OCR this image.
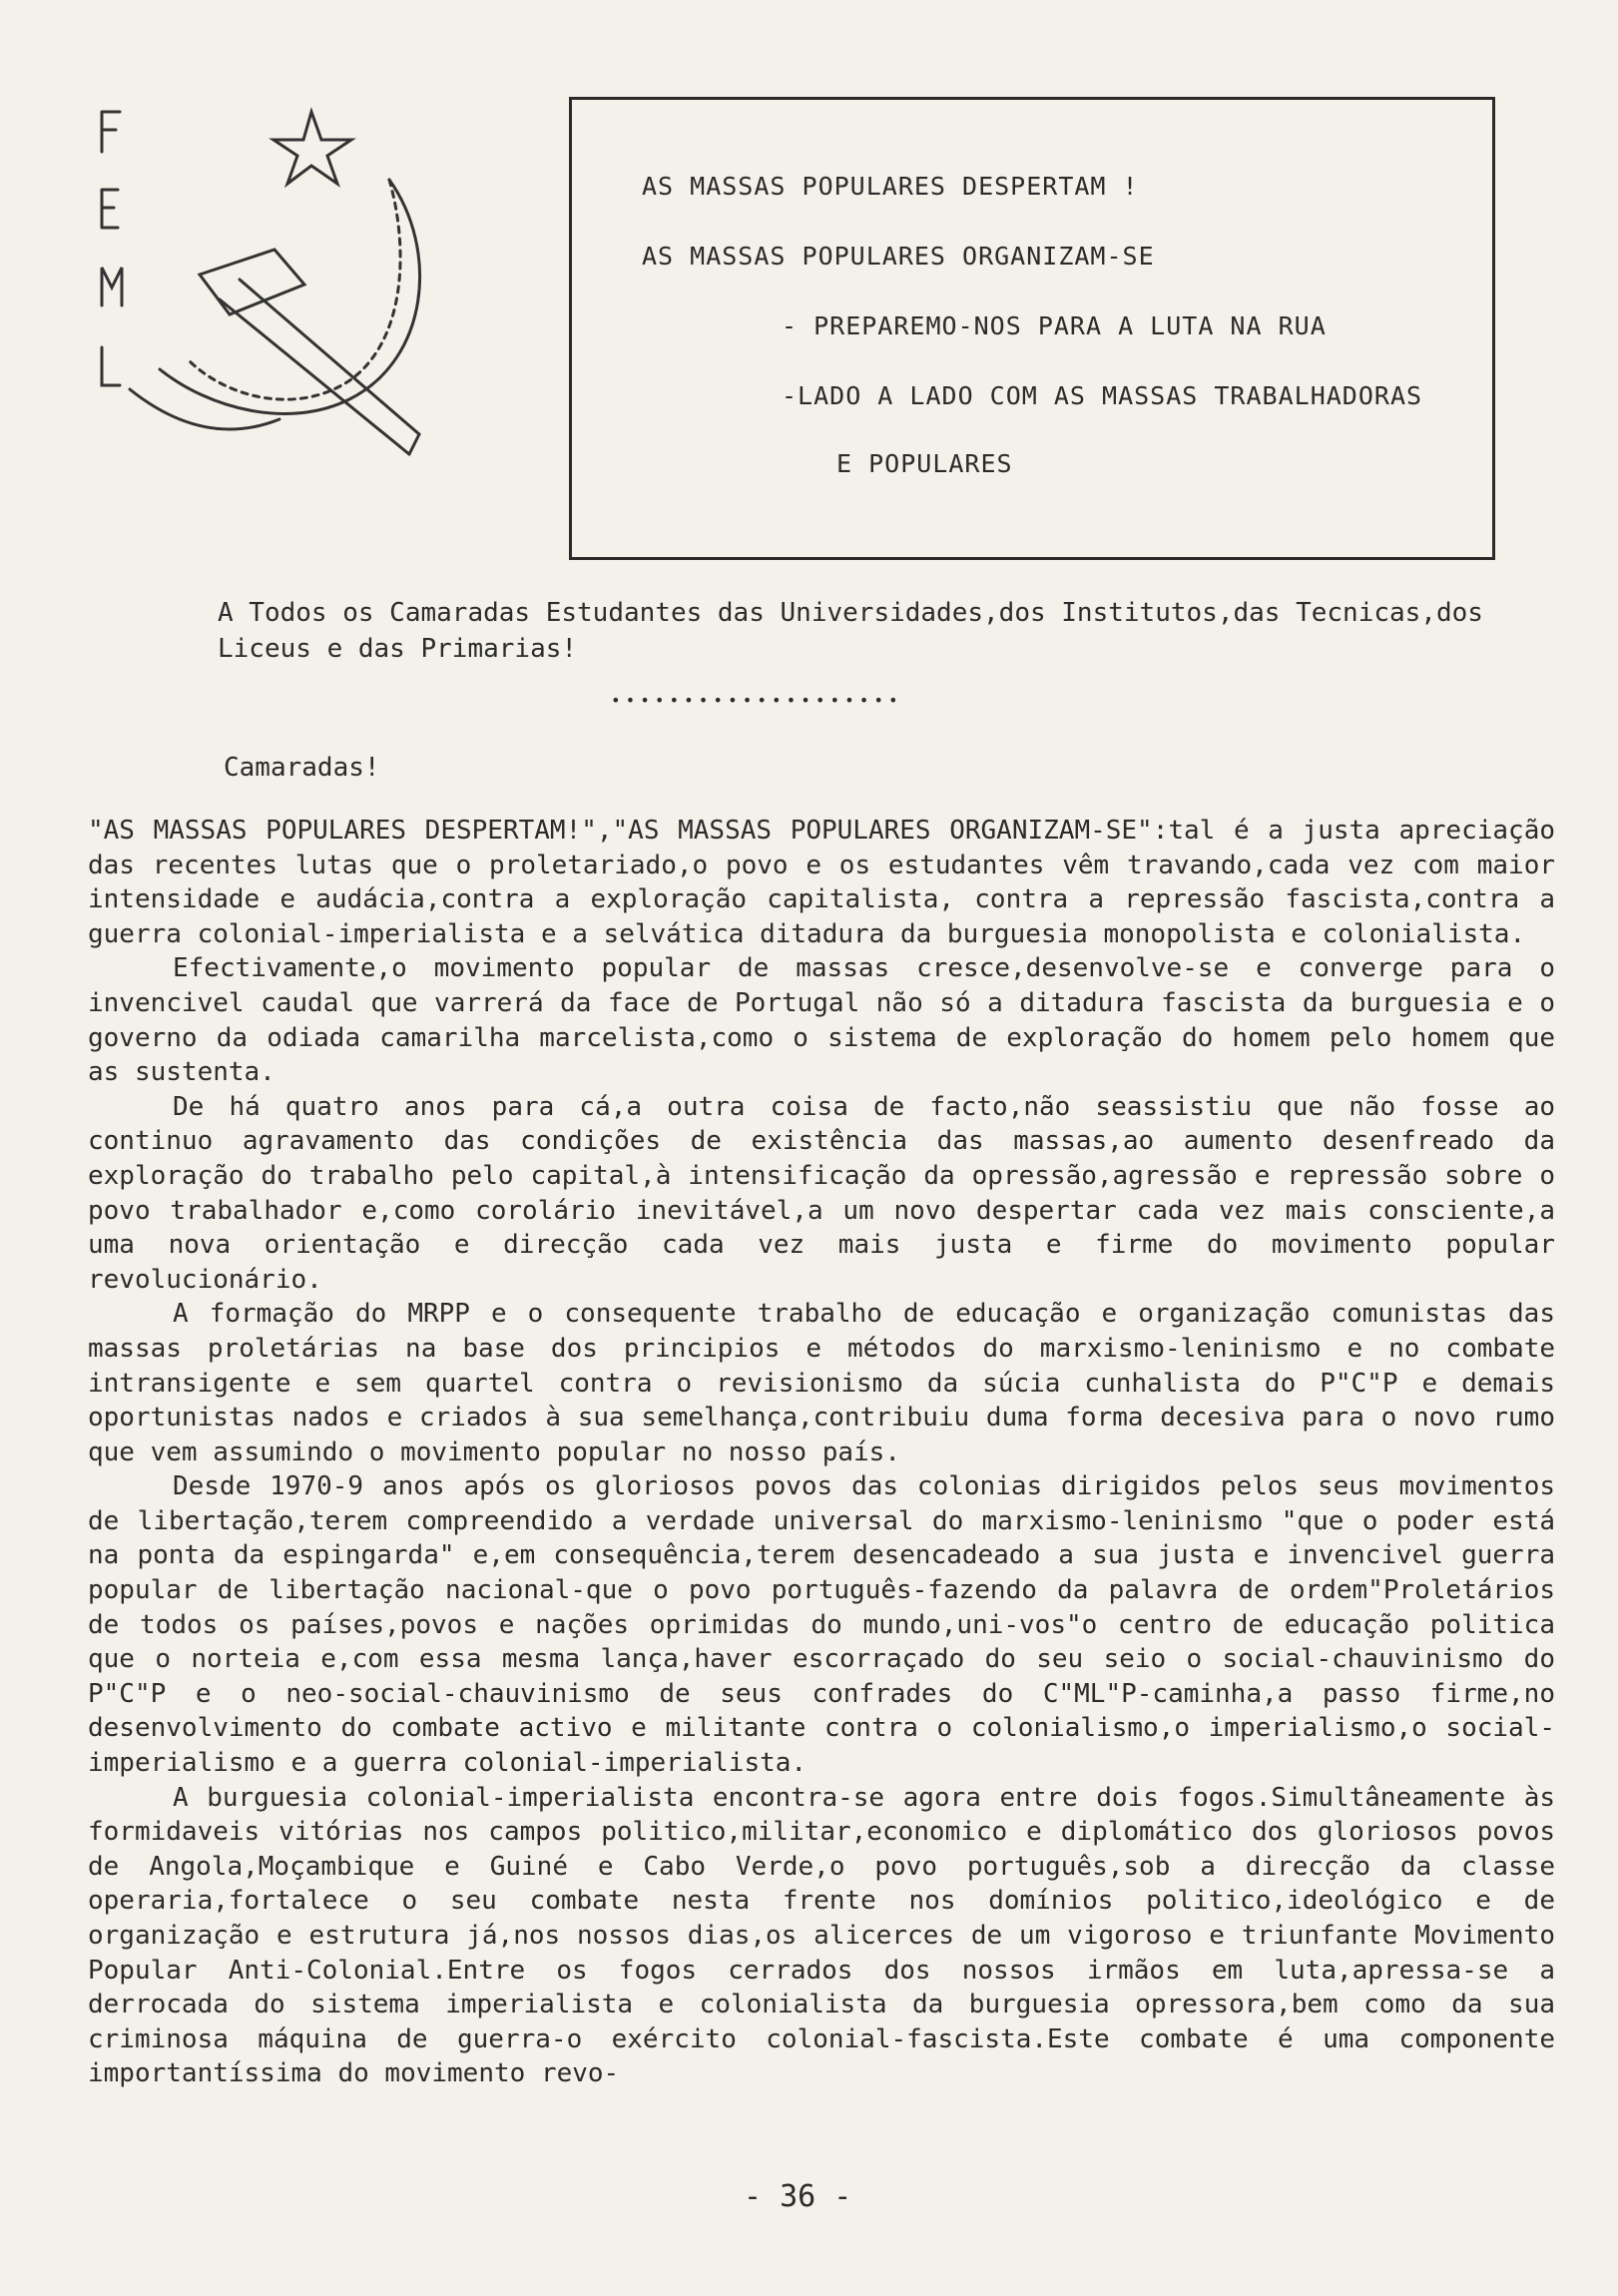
AS MASSAS POPULARES DESPERTAM !
AS MASSAS POPULARES ORGANIZAM-SE
- PREPAREMO-NOS PARA A LUTA NA RUA
-LADO A LADO COM AS MASSAS TRABALHADORAS
E POPULARES
A Todos os Camaradas Estudantes das Universidades,dos Institutos,das Tecnicas,dos Liceus e das Primarias!
••••••••••••••••••••
Camaradas!

"AS MASSAS POPULARES DESPERTAM!","AS MASSAS POPULARES ORGANIZAM-SE":tal é a justa apreciação das recentes lutas que o proletariado,o povo e os estudantes vêm travando,cada vez com maior intensidade e audácia,contra a exploração capitalista, contra a repressão fascista,contra a guerra colonial-imperialista e a selvática ditadura da burguesia monopolista e colonialista.

Efectivamente,o movimento popular de massas cresce,desenvolve-se e converge para o invencivel caudal que varrerá da face de Portugal não só a ditadura fascista da burguesia e o governo da odiada camarilha marcelista,como o sistema de exploração do homem pelo homem que as sustenta.

De há quatro anos para cá,a outra coisa de facto,não seassistiu que não fosse ao continuo agravamento das condições de existência das massas,ao aumento desenfreado da exploração do trabalho pelo capital,à intensificação da opressão,agressão e repressão sobre o povo trabalhador e,como corolário inevitável,a um novo despertar cada vez mais consciente,a uma nova orientação e direcção cada vez mais justa e firme do movimento popular revolucionário.

A formação do MRPP e o consequente trabalho de educação e organização comunistas das massas proletárias na base dos principios e métodos do marxismo-leninismo e no combate intransigente e sem quartel contra o revisionismo da súcia cunhalista do P"C"P e demais oportunistas nados e criados à sua semelhança,contribuiu duma forma decesiva para o novo rumo que vem assumindo o movimento popular no nosso país.

Desde 1970-9 anos após os gloriosos povos das colonias dirigidos pelos seus movimentos de libertação,terem compreendido a verdade universal do marxismo-leninismo "que o poder está na ponta da espingarda" e,em consequência,terem desencadeado a sua justa e invencivel guerra popular de libertação nacional-que o povo português-fazendo da palavra de ordem"Proletários de todos os países,povos e nações oprimidas do mundo,uni-vos"o centro de educação politica que o norteia e,com essa mesma lança,haver escorraçado do seu seio o social-chauvinismo do P"C"P e o neo-social-chauvinismo de seus confrades do C"ML"P-caminha,a passo firme,no desenvolvimento do combate activo e militante contra o colonialismo,o imperialismo,o social-imperialismo e a guerra colonial-imperialista.

A burguesia colonial-imperialista encontra-se agora entre dois fogos.Simultâneamente às formidaveis vitórias nos campos politico,militar,economico e diplomático dos gloriosos povos de Angola,Moçambique e Guiné e Cabo Verde,o povo português,sob a direcção da classe operaria,fortalece o seu combate nesta frente nos domínios politico,ideológico e de organização e estrutura já,nos nossos dias,os alicerces de um vigoroso e triunfante Movimento Popular Anti-Colonial.Entre os fogos cerrados dos nossos irmãos em luta,apressa-se a derrocada do sistema imperialista e colonialista da burguesia opressora,bem como da sua criminosa máquina de guerra-o exército colonial-fascista.Este combate é uma componente importantíssima do movimento revo-

- 36 -
